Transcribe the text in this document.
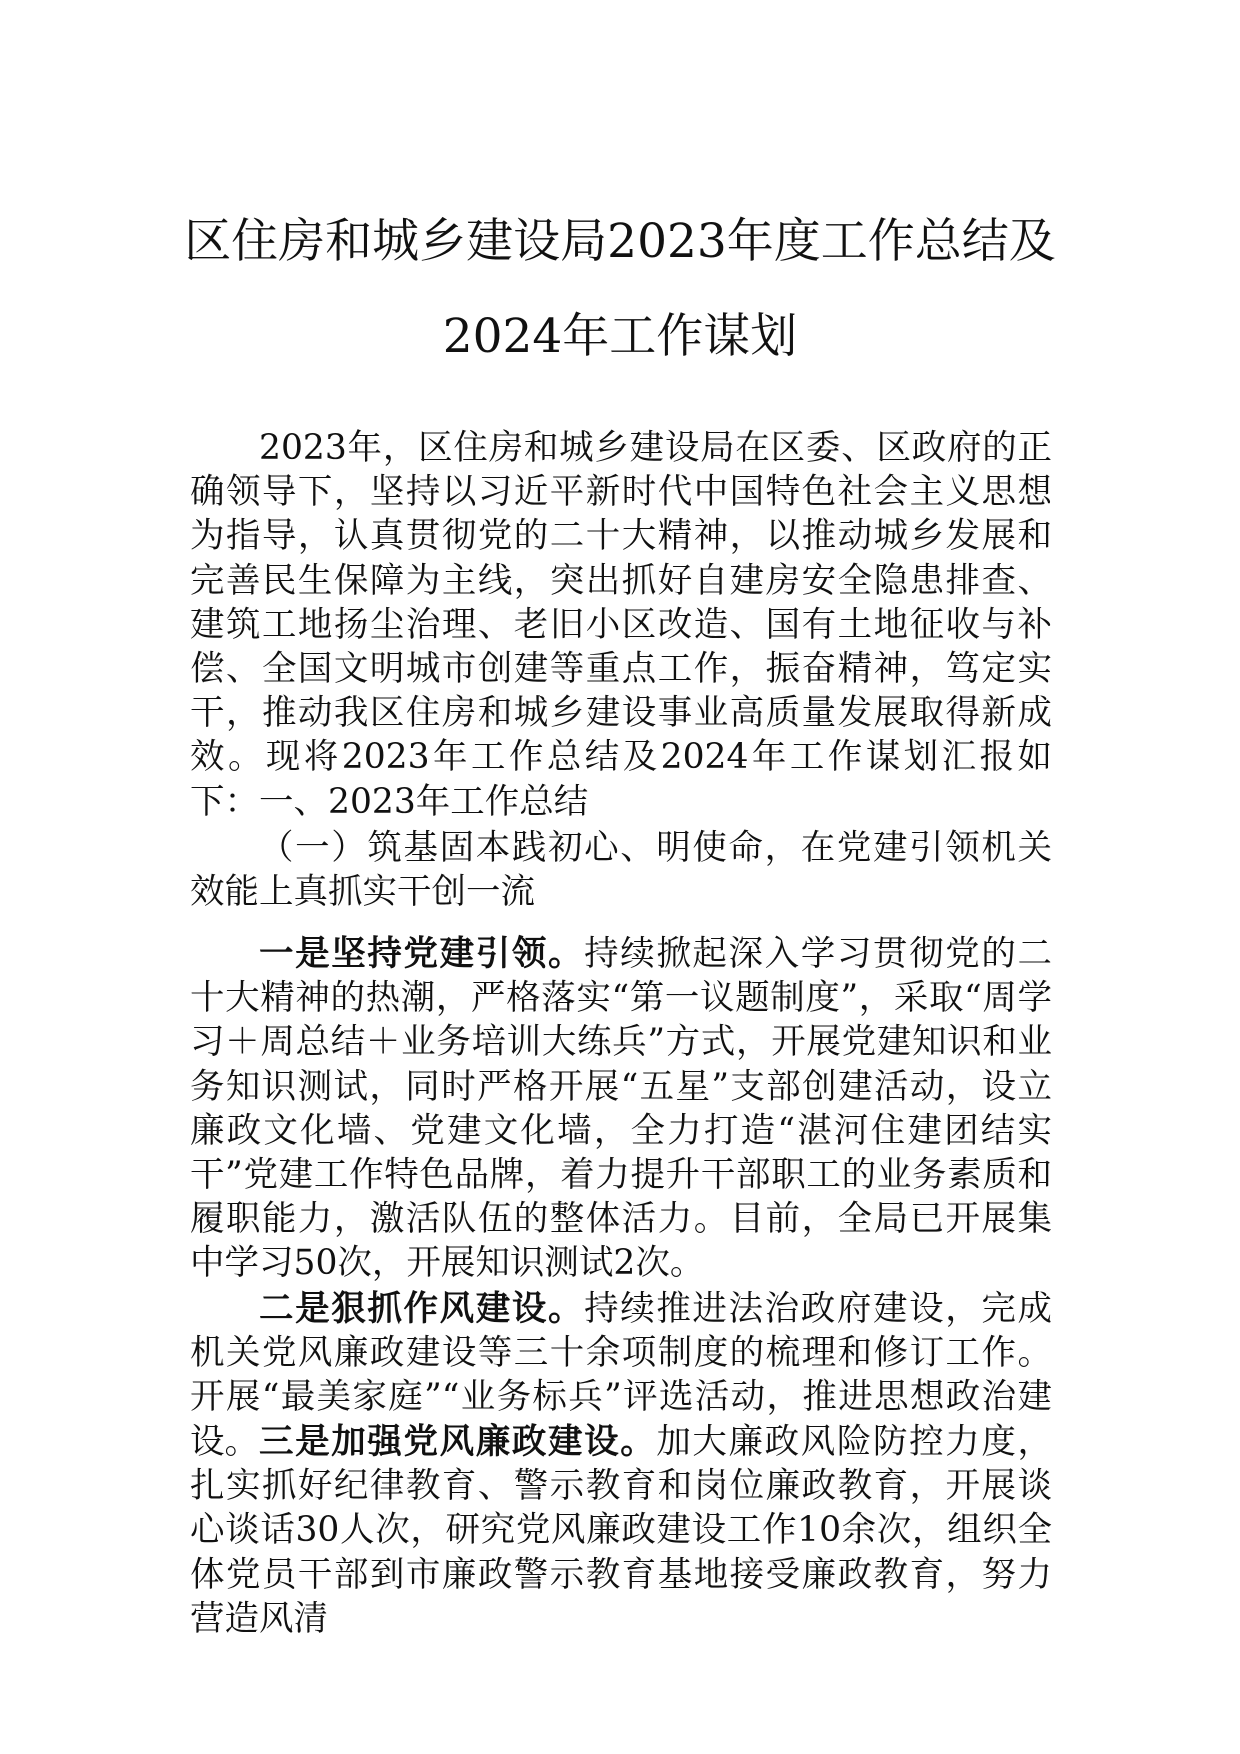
区住房和城乡建设局2023年度工作总结及
2024年工作谋划
2023年，区住房和城乡建设局在区委、区政府的正确领导下，坚持以习近平新时代中国特色社会主义思想为指导，认真贯彻党的二十大精神，以推动城乡发展和完善民生保障为主线，突出抓好自建房安全隐患排查、建筑工地扬尘治理、老旧小区改造、国有土地征收与补偿、全国文明城市创建等重点工作，振奋精神，笃定实干，推动我区住房和城乡建设事业高质量发展取得新成效。现将2023年工作总结及2024年工作谋划汇报如下： 一、2023年工作总结
（一）筑基固本践初心、明使命，在党建引领机关效能上真抓实干创一流
一是坚持党建引领。持续掀起深入学习贯彻党的二十大精神的热潮，严格落实“第一议题制度”，采取“周学习＋周总结＋业务培训大练兵”方式，开展党建知识和业务知识测试，同时严格开展“五星”支部创建活动，设立廉政文化墙、党建文化墙，全力打造“湛河住建团结实干”党建工作特色品牌，着力提升干部职工的业务素质和履职能力，激活队伍的整体活力。目前，全局已开展集中学习50次，开展知识测试2次。
二是狠抓作风建设。持续推进法治政府建设，完成机关党风廉政建设等三十余项制度的梳理和修订工作。开展“最美家庭”“业务标兵”评选活动，推进思想政治建设。 三是加强党风廉政建设。加大廉政风险防控力度，扎实抓好纪律教育、警示教育和岗位廉政教育，开展谈心谈话30人次，研究党风廉政建设工作10余次，组织全体党员干部到市廉政警示教育基地接受廉政教育，努力营造风清
